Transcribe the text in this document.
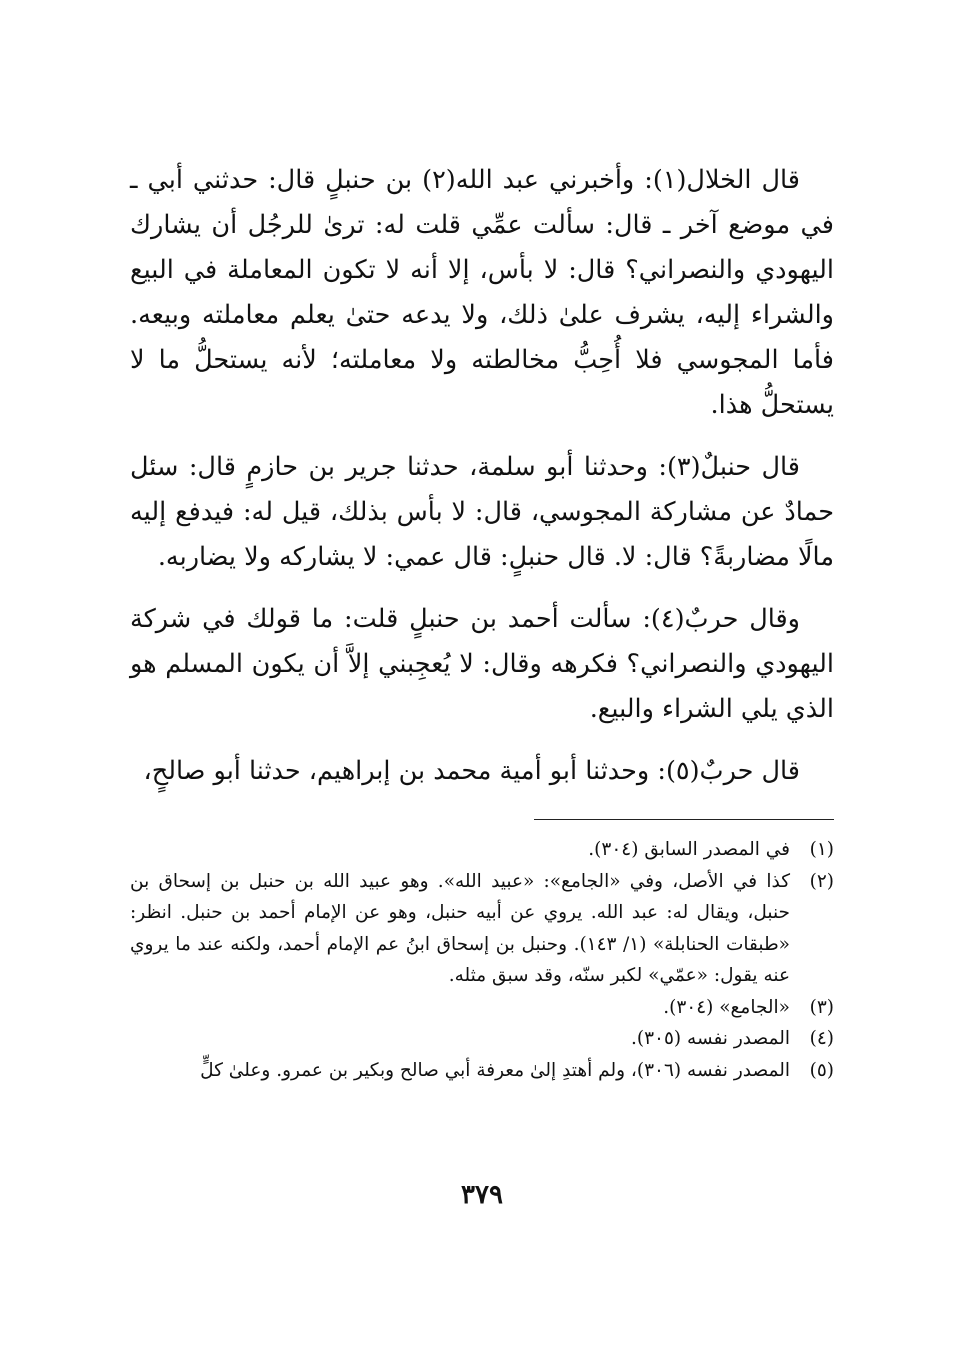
قال الخلال(١): وأخبرني عبد الله(٢) بن حنبلٍ قال: حدثني أبي ـ في موضع آخر ـ قال: سألت عمِّي قلت له: ترىٰ للرجُل أن يشارك اليهودي والنصراني؟ قال: لا بأس، إلا أنه لا تكون المعاملة في البيع والشراء إليه، يشرف علىٰ ذلك، ولا يدعه حتىٰ يعلم معاملته وبيعه. فأما المجوسي فلا أُحِبُّ مخالطته ولا معاملته؛ لأنه يستحلُّ ما لا يستحلُّ هذا.

قال حنبلٌ(٣): وحدثنا أبو سلمة، حدثنا جرير بن حازمٍ قال: سئل حمادٌ عن مشاركة المجوسي، قال: لا بأس بذلك، قيل له: فيدفع إليه مالًا مضاربةً؟ قال: لا. قال حنبلٍ: قال عمي: لا يشاركه ولا يضاربه.

وقال حربٌ(٤): سألت أحمد بن حنبلٍ قلت: ما قولك في شركة اليهودي والنصراني؟ فكرهه وقال: لا يُعجِبني إلاَّ أن يكون المسلم هو الذي يلي الشراء والبيع.

قال حربٌ(٥): وحدثنا أبو أمية محمد بن إبراهيم، حدثنا أبو صالحٍ،

(١)
في المصدر السابق (٣٠٤).
(٢)
كذا في الأصل، وفي «الجامع»: «عبيد الله». وهو عبيد الله بن حنبل بن إسحاق بن حنبل، ويقال له: عبد الله. يروي عن أبيه حنبل، وهو عن الإمام أحمد بن حنبل. انظر: «طبقات الحنابلة» (١/ ١٤٣). وحنبل بن إسحاق ابنُ عم الإمام أحمد، ولكنه عند ما يروي عنه يقول: «عمّي» لكبر سنّه، وقد سبق مثله.
(٣)
«الجامع» (٣٠٤).
(٤)
المصدر نفسه (٣٠٥).
(٥)
المصدر نفسه (٣٠٦)، ولم أهتدِ إلىٰ معرفة أبي صالح وبكير بن عمرو. وعلىٰ كلٍّ
٣٧٩
